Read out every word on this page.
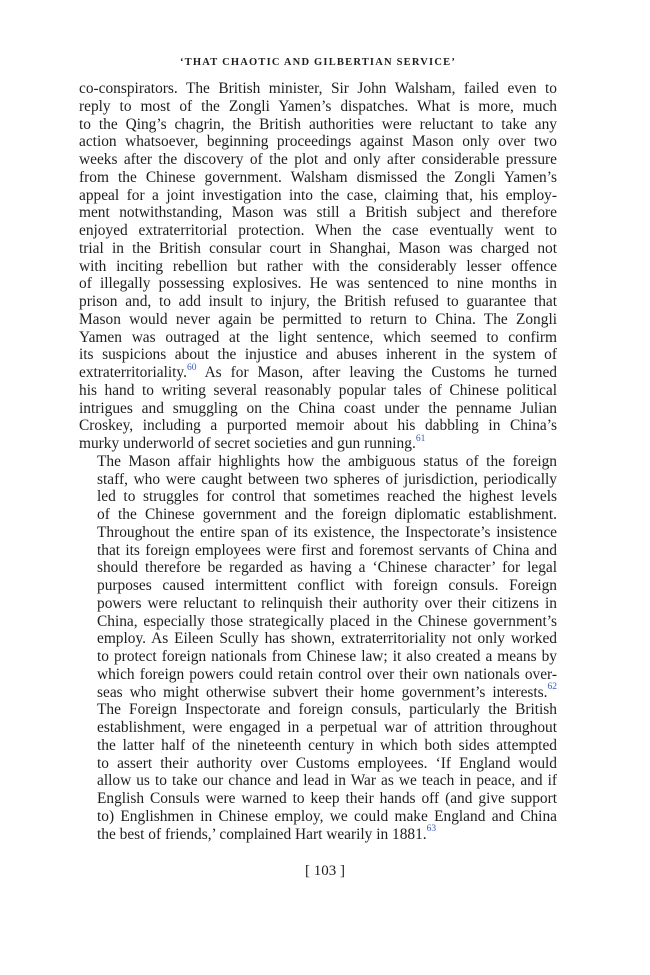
‘THAT CHAOTIC AND GILBERTIAN SERVICE’
co-conspirators. The British minister, Sir John Walsham, failed even to
reply to most of the Zongli Yamen’s dispatches. What is more, much
to the Qing’s chagrin, the British authorities were reluctant to take any
action whatsoever, beginning proceedings against Mason only over two
weeks after the discovery of the plot and only after considerable pressure
from the Chinese government. Walsham dismissed the Zongli Yamen’s
appeal for a joint investigation into the case, claiming that, his employ-
ment notwithstanding, Mason was still a British subject and therefore
enjoyed extraterritorial protection. When the case eventually went to
trial in the British consular court in Shanghai, Mason was charged not
with inciting rebellion but rather with the considerably lesser offence
of illegally possessing explosives. He was sentenced to nine months in
prison and, to add insult to injury, the British refused to guarantee that
Mason would never again be permitted to return to China. The Zongli
Yamen was outraged at the light sentence, which seemed to confirm
its suspicions about the injustice and abuses inherent in the system of
extraterritoriality.$^{60}$ As for Mason, after leaving the Customs he turned
his hand to writing several reasonably popular tales of Chinese political
intrigues and smuggling on the China coast under the penname Julian
Croskey, including a purported memoir about his dabbling in China’s
murky underworld of secret societies and gun running.$^{61}$
The Mason affair highlights how the ambiguous status of the foreign
staff, who were caught between two spheres of jurisdiction, periodically
led to struggles for control that sometimes reached the highest levels
of the Chinese government and the foreign diplomatic establishment.
Throughout the entire span of its existence, the Inspectorate’s insistence
that its foreign employees were first and foremost servants of China and
should therefore be regarded as having a ‘Chinese character’ for legal
purposes caused intermittent conflict with foreign consuls. Foreign
powers were reluctant to relinquish their authority over their citizens in
China, especially those strategically placed in the Chinese government’s
employ. As Eileen Scully has shown, extraterritoriality not only worked
to protect foreign nationals from Chinese law; it also created a means by
which foreign powers could retain control over their own nationals over-
seas who might otherwise subvert their home government’s interests.$^{62}$
The Foreign Inspectorate and foreign consuls, particularly the British
establishment, were engaged in a perpetual war of attrition throughout
the latter half of the nineteenth century in which both sides attempted
to assert their authority over Customs employees. ‘If England would
allow us to take our chance and lead in War as we teach in peace, and if
English Consuls were warned to keep their hands off (and give support
to) Englishmen in Chinese employ, we could make England and China
the best of friends,’ complained Hart wearily in 1881.63
[ 103 ]
